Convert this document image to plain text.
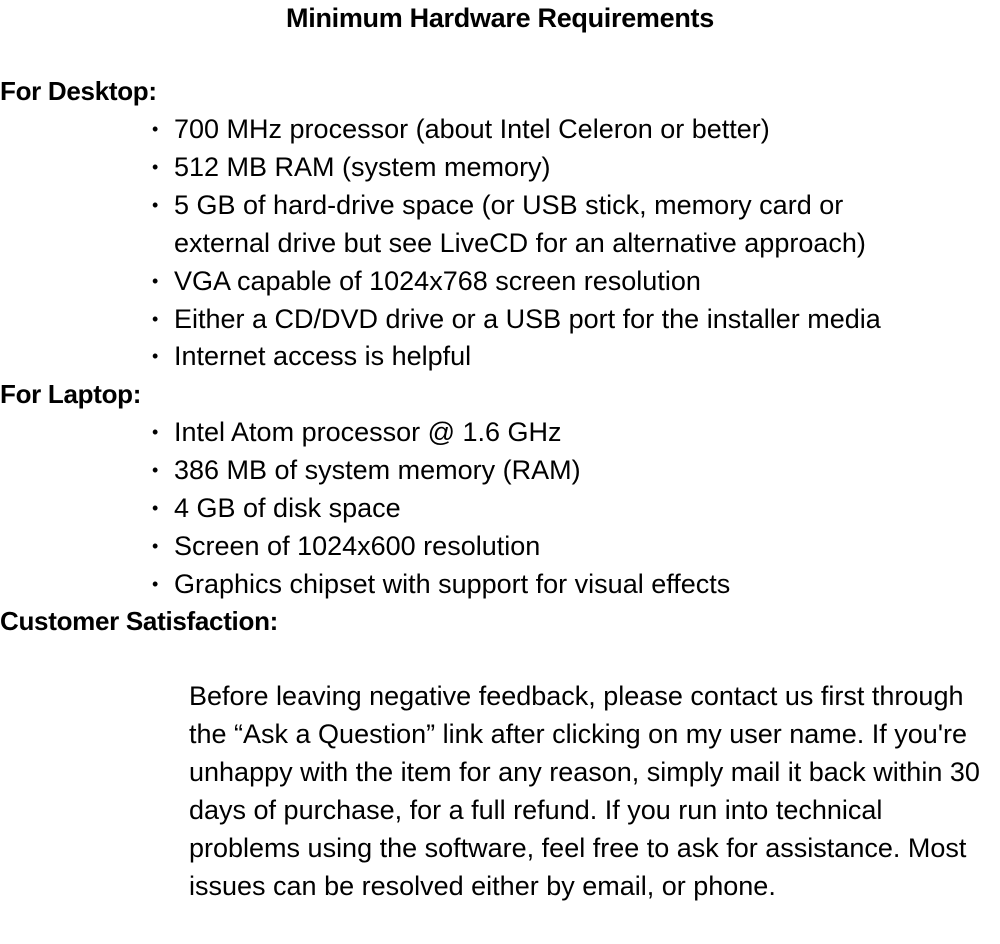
Minimum Hardware Requirements
For Desktop:
• 700 MHz processor (about Intel Celeron or better)
• 512 MB RAM (system memory)
• 5 GB of hard-drive space (or USB stick, memory card or external drive but see LiveCD for an alternative approach)
• VGA capable of 1024x768 screen resolution
• Either a CD/DVD drive or a USB port for the installer media
• Internet access is helpful
For Laptop:
• Intel Atom processor @ 1.6 GHz
• 386 MB of system memory (RAM)
• 4 GB of disk space
• Screen of 1024x600 resolution
• Graphics chipset with support for visual effects
Customer Satisfaction:

Before leaving negative feedback, please contact us first through the “Ask a Question” link after clicking on my user name. If you're unhappy with the item for any reason, simply mail it back within 30 days of purchase, for a full refund. If you run into technical problems using the software, feel free to ask for assistance. Most issues can be resolved either by email, or phone.
